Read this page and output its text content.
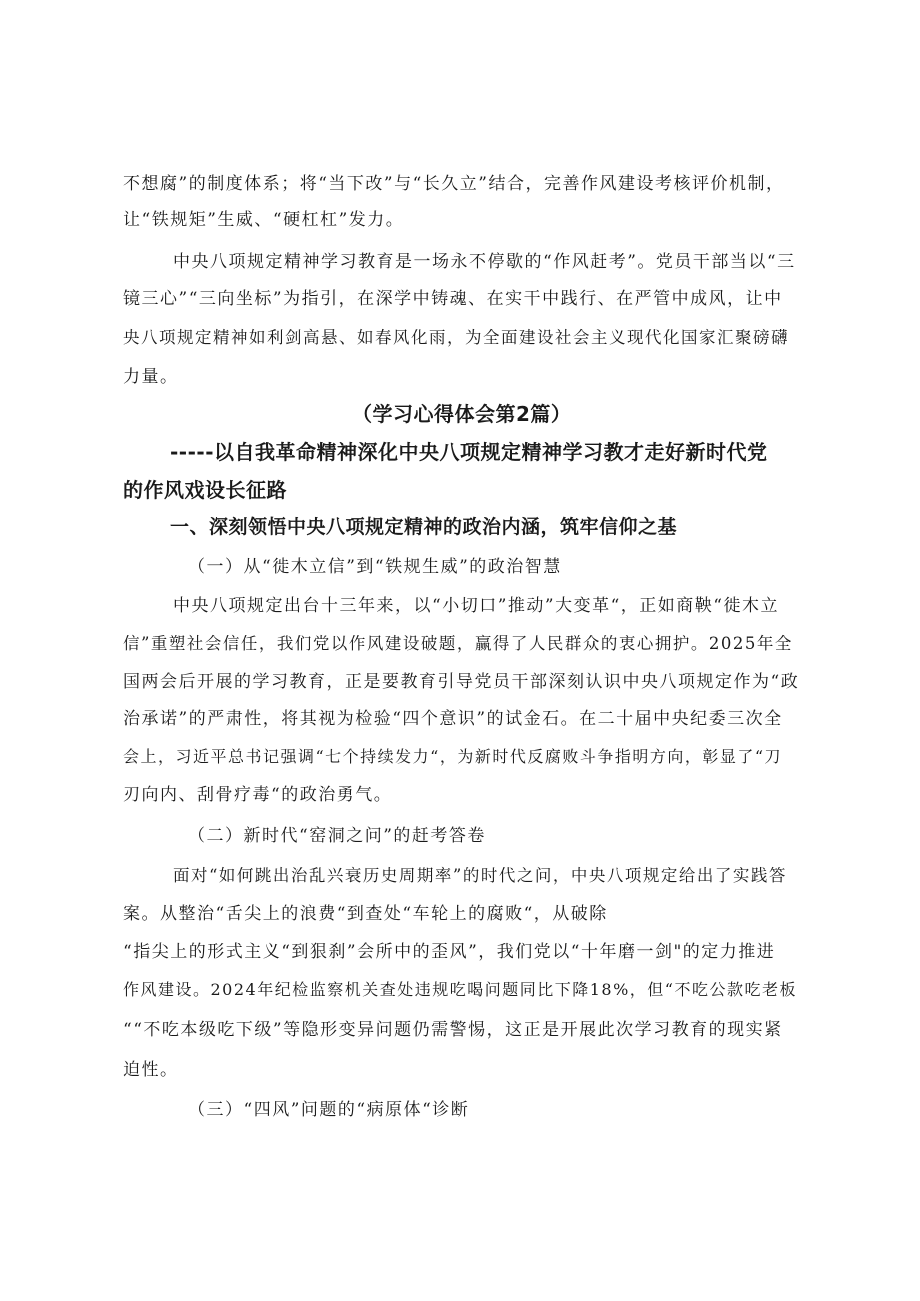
不想腐”的制度体系；将“当下改”与“长久立”结合，完善作风建设考核评价机制，
让“铁规矩”生威、“硬杠杠”发力。
中央八项规定精神学习教育是一场永不停歇的“作风赶考”。党员干部当以“三
镜三心”“三向坐标”为指引，在深学中铸魂、在实干中践行、在严管中成风，让中
央八项规定精神如利剑高悬、如春风化雨，为全面建设社会主义现代化国家汇聚磅礴
力量。
（学习心得体会第2篇）
-----以自我革命精神深化中央八项规定精神学习教才走好新时代党
的作风戏设长征路
一、深刻领悟中央八项规定精神的政治内涵，筑牢信仰之基
（一）从“徙木立信”到“铁规生威”的政治智慧
中央八项规定出台十三年来，以“小切口”推动”大变革“，正如商鞅“徙木立
信”重塑社会信任，我们党以作风建设破题，赢得了人民群众的衷心拥护。2025年全
国两会后开展的学习教育，正是要教育引导党员干部深刻认识中央八项规定作为“政
治承诺”的严肃性，将其视为检验“四个意识”的试金石。在二十届中央纪委三次全
会上，习近平总书记强调“七个持续发力“，为新时代反腐败斗争指明方向，彰显了“刀
刃向内、刮骨疗毒“的政治勇气。
（二）新时代“窑洞之问”的赶考答卷
面对“如何跳出治乱兴衰历史周期率”的时代之问，中央八项规定给出了实践答
案。从整治“舌尖上的浪费“到查处“车轮上的腐败“，从破除
“指尖上的形式主义“到狠刹”会所中的歪风”，我们党以“十年磨一剑"的定力推进
作风建设。2024年纪检监察机关查处违规吃喝问题同比下降18%，但“不吃公款吃老板
““不吃本级吃下级”等隐形变异问题仍需警惕，这正是开展此次学习教育的现实紧
迫性。
（三）“四风”问题的“病原体“诊断
